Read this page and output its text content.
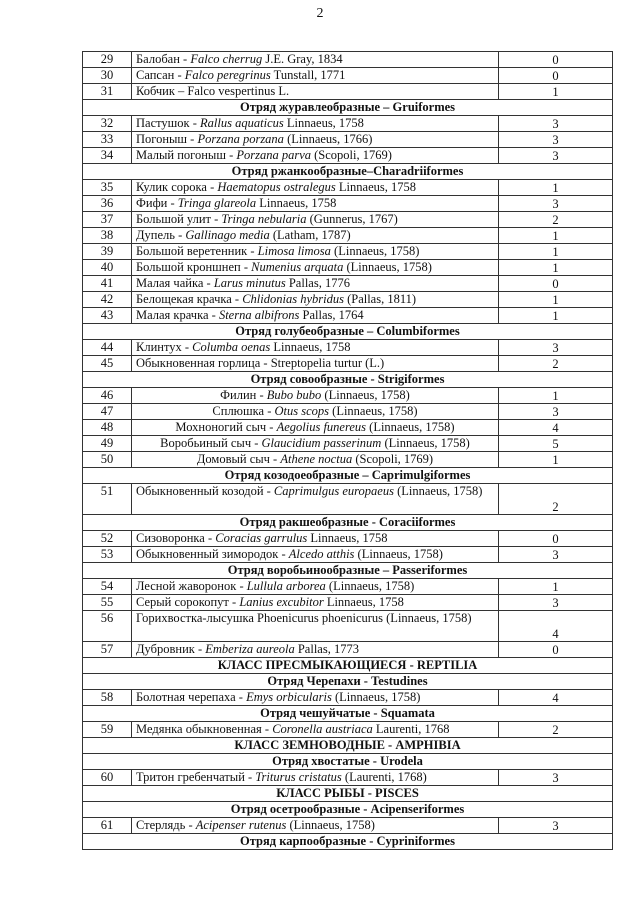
2
29	Балобан - Falco cherrug J.E. Gray, 1834	0
30	Сапсан - Falco peregrinus Tunstall, 1771	0
31	Кобчик – Falco vespertinus L.	1
Отряд журавлеобразные – Gruiformes		
32	Пастушок - Rallus aquaticus Linnaeus, 1758	3
33	Погоныш - Porzana porzana (Linnaeus, 1766)	3
34	Малый погоныш - Porzana parva (Scopoli, 1769)	3
Отряд ржанкообразные–Charadriiformes		
35	Кулик сорока - Haematopus ostralegus Linnaeus, 1758	1
36	Фифи - Tringa glareola Linnaeus, 1758	3
37	Большой улит - Tringa nebularia (Gunnerus, 1767)	2
38	Дупель - Gallinago media (Latham, 1787)	1
39	Большой веретенник - Limosa limosa (Linnaeus, 1758)	1
40	Большой кроншнеп - Numenius arquata (Linnaeus, 1758)	1
41	Малая чайка - Larus minutus Pallas, 1776	0
42	Белощекая крачка - Chlidonias hybridus (Pallas, 1811)	1
43	Малая крачка - Sterna albifrons Pallas, 1764	1
Отряд голубеобразные – Columbiformes		
44	Клинтух - Columba oenas Linnaeus, 1758	3
45	Обыкновенная горлица - Streptopelia turtur (L.)	2
Отряд совообразные - Strigiformes		
46	Филин - Bubo bubo (Linnaeus, 1758)	1
47	Сплюшка - Otus scops (Linnaeus, 1758)	3
48	Мохноногий сыч - Aegolius funereus (Linnaeus, 1758)	4
49	Воробьиный сыч - Glaucidium passerinum (Linnaeus, 1758)	5
50	Домовый сыч - Athene noctua (Scopoli, 1769)	1
Отряд козодоеобразные – Caprimulgiformes		
51	Обыкновенный козодой - Caprimulgus europaeus (Linnaeus, 1758)	2
Отряд ракшеобразные - Coraciiformes		
52	Сизоворонка - Coracias garrulus Linnaeus, 1758	0
53	Обыкновенный зимородок - Alcedo atthis (Linnaeus, 1758)	3
Отряд воробьинообразные – Passeriformes		
54	Лесной жаворонок - Lullula arborea (Linnaeus, 1758)	1
55	Серый сорокопут - Lanius excubitor Linnaeus, 1758	3
56	Горихвостка-лысушка Phoenicurus phoenicurus (Linnaeus, 1758)	4
57	Дубровник - Emberiza aureola Pallas, 1773	0
КЛАСС ПРЕСМЫКАЮЩИЕСЯ - REPTILIA		
Отряд Черепахи - Testudines		
58	Болотная черепаха - Emys orbicularis (Linnaeus, 1758)	4
Отряд чешуйчатые - Squamata		
59	Медянка обыкновенная - Coronella austriaca Laurenti, 1768	2
КЛАСС ЗЕМНОВОДНЫЕ - AMPHIBIA		
Отряд хвостатые - Urodela		
60	Тритон гребенчатый - Triturus cristatus (Laurenti, 1768)	3
КЛАСС РЫБЫ - PISCES		
Отряд осетрообразные - Acipenseriformes		
61	Стерлядь - Acipenser rutenus (Linnaeus, 1758)	3
Отряд карпообразные - Cypriniformes		
